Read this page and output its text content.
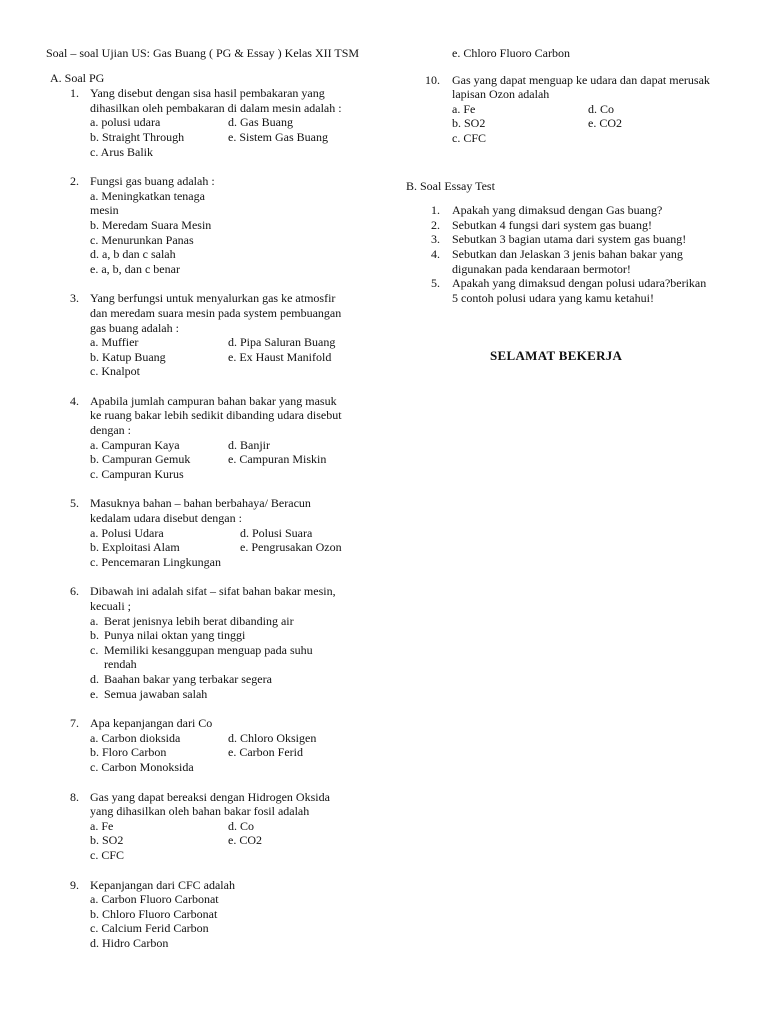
Soal – soal Ujian US: Gas Buang ( PG & Essay ) Kelas XII TSM
A. Soal PG
1. Yang disebut dengan sisa hasil pembakaran yang
dihasilkan oleh pembakaran di dalam mesin adalah :
a. polusi udara	d. Gas Buang
b. Straight Through	e. Sistem Gas Buang
c. Arus Balik
2. Fungsi gas buang adalah :
a. Meningkatkan tenaga mesin
b. Meredam Suara Mesin
c. Menurunkan Panas
d. a, b dan c salah
e. a, b, dan c benar
3. Yang berfungsi untuk menyalurkan gas ke atmosfir
dan meredam suara mesin pada system pembuangan
gas buang adalah :
a. Muffier	d. Pipa Saluran Buang
b. Katup Buang	e. Ex Haust Manifold
c. Knalpot
4. Apabila jumlah campuran bahan bakar yang masuk
ke ruang bakar lebih sedikit dibanding udara disebut
dengan :
a. Campuran Kaya	d. Banjir
b. Campuran Gemuk	e. Campuran Miskin
c. Campuran Kurus
5. Masuknya bahan – bahan berbahaya/ Beracun
kedalam udara disebut dengan :
a. Polusi Udara	d. Polusi Suara
b. Exploitasi Alam	e. Pengrusakan Ozon
c. Pencemaran Lingkungan
6. Dibawah ini adalah sifat – sifat bahan bakar mesin,
kecuali ;
a. Berat jenisnya lebih berat dibanding air
b. Punya nilai oktan yang tinggi
c. Memiliki kesanggupan menguap pada suhu
rendah
d. Baahan bakar yang terbakar segera
e. Semua jawaban salah
7. Apa kepanjangan dari Co
a. Carbon dioksida	d. Chloro Oksigen
b. Floro Carbon	e. Carbon Ferid
c. Carbon Monoksida
8. Gas yang dapat bereaksi dengan Hidrogen Oksida
yang dihasilkan oleh bahan bakar fosil adalah
a. Fe	d. Co
b. SO2	e. CO2
c. CFC
9. Kepanjangan dari CFC adalah
a. Carbon Fluoro Carbonat
b. Chloro Fluoro Carbonat
c. Calcium Ferid Carbon
d. Hidro Carbon
e. Chloro Fluoro Carbon
10. Gas yang dapat menguap ke udara dan dapat merusak
lapisan Ozon adalah
a. Fe	d. Co
b. SO2	e. CO2
c. CFC
B. Soal Essay Test
1. Apakah yang dimaksud dengan Gas buang?
2. Sebutkan 4 fungsi dari system gas buang!
3. Sebutkan 3 bagian utama dari system gas buang!
4. Sebutkan dan Jelaskan 3 jenis bahan bakar yang
digunakan pada kendaraan bermotor!
5. Apakah yang dimaksud dengan polusi udara?berikan
5 contoh polusi udara yang kamu ketahui!
SELAMAT BEKERJA
